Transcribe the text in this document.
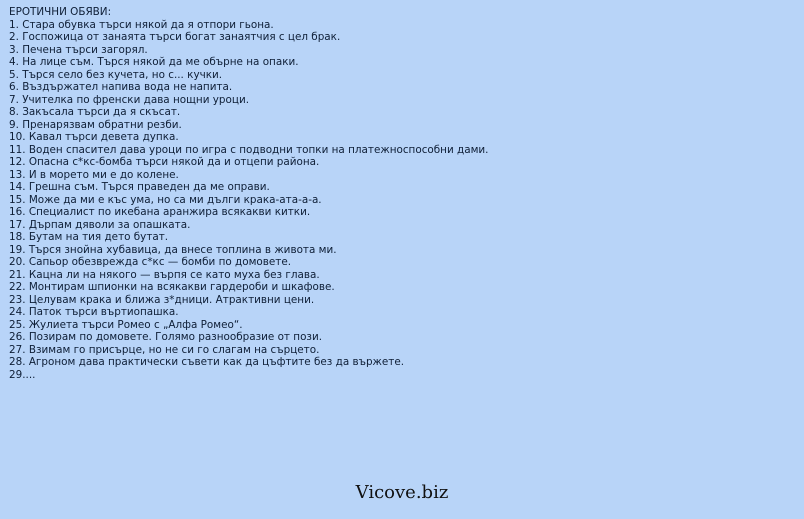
ЕРОТИЧНИ ОБЯВИ:
1. Стара обувка търси някой да я отпори гьона.
2. Госпожица от занаята търси богат занаятчия с цел брак.
3. Печена търси загорял.
4. На лице съм. Търся някой да ме обърне на опаки.
5. Търся село без кучета, но с... кучки.
6. Въздържател напива вода не напита.
7. Учителка по френски дава нощни уроци.
8. Закъсала търси да я скъсат.
9. Пренарязвам обратни резби.
10. Кавал търси девета дупка.
11. Воден спасител дава уроци по игра с подводни топки на платежноспособни дами.
12. Опасна с*кс-бомба търси някой да и отцепи района.
13. И в морето ми е до колене.
14. Грешна съм. Търся праведен да ме оправи.
15. Може да ми е къс ума, но са ми дълги крака-ата-а-а.
16. Специалист по икебана аранжира всякакви китки.
17. Дърпам дяволи за опашката.
18. Бутам на тия дето бутат.
19. Търся знойна хубавица, да внесе топлина в живота ми.
20. Сапьор обезврежда с*кс — бомби по домовете.
21. Кацна ли на някого — върпя се като муха без глава.
22. Монтирам шпионки на всякакви гардероби и шкафове.
23. Целувам крака и ближа з*дници. Атрактивни цени.
24. Паток търси въртиопашка.
25. Жулиета търси Ромео с „Алфа Ромео“.
26. Позирам по домовете. Голямо разнообразие от пози.
27. Взимам го присърце, но не си го слагам на сърцето.
28. Агроном дава практически съвети как да цъфтите без да вържете.
29....
Vicove.biz
